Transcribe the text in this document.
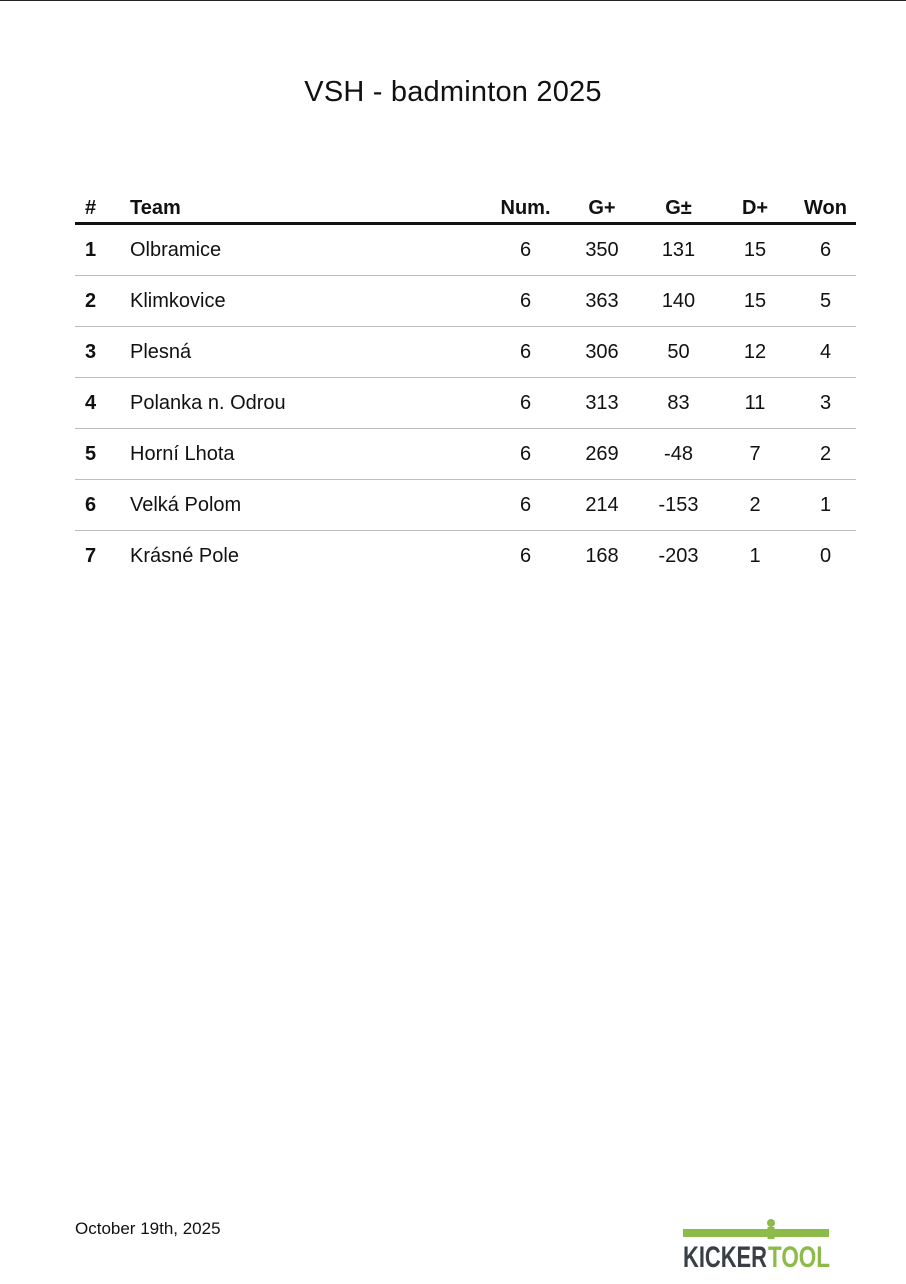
VSH - badminton 2025
#	Team	Num.	G+	G±	D+	Won
1	Olbramice	6	350	131	15	6
2	Klimkovice	6	363	140	15	5
3	Plesná	6	306	50	12	4
4	Polanka n. Odrou	6	313	83	11	3
5	Horní Lhota	6	269	-48	7	2
6	Velká Polom	6	214	-153	2	1
7	Krásné Pole	6	168	-203	1	0
October 19th, 2025
KICKER TOOL
